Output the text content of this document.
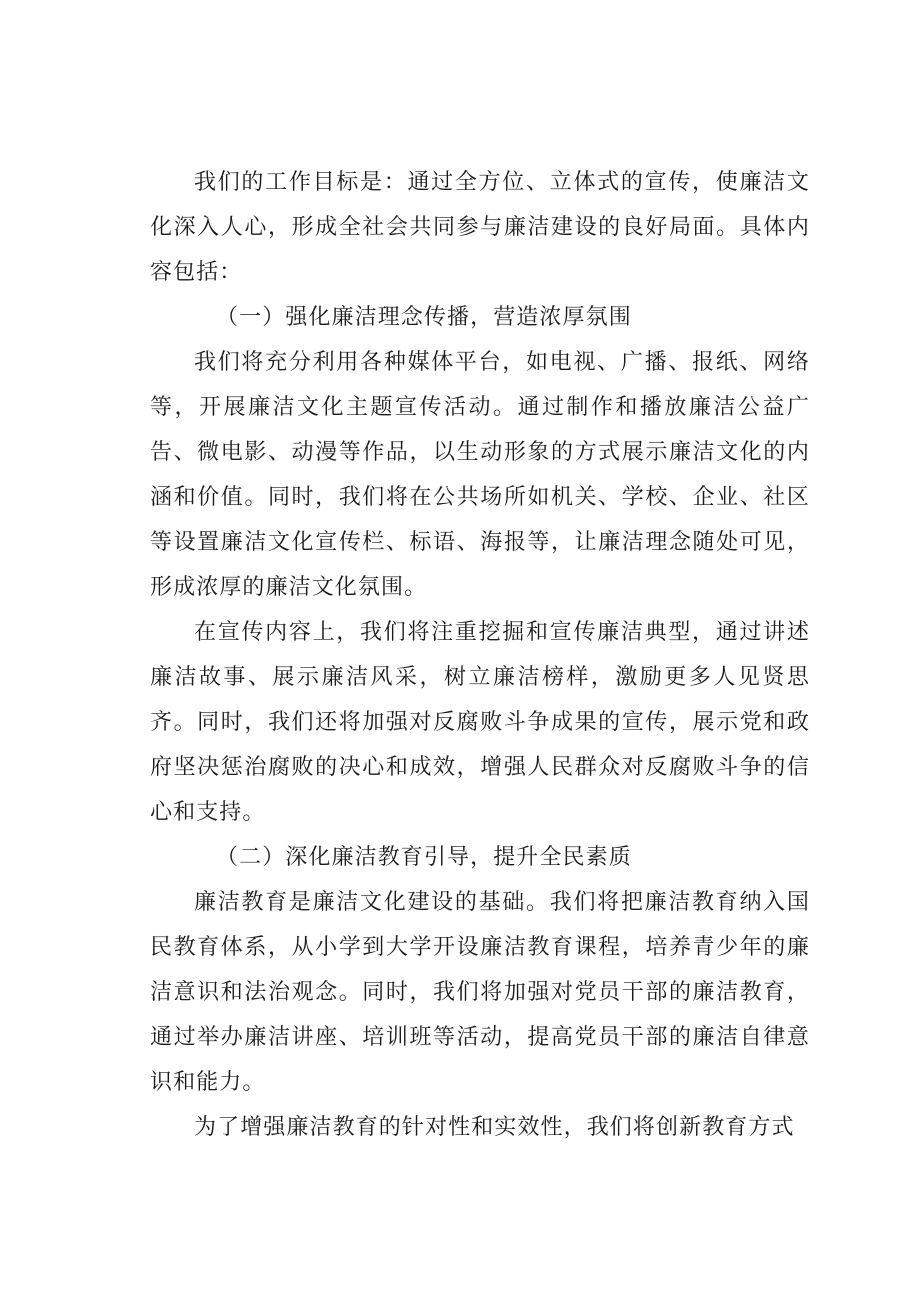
我们的工作目标是：通过全方位、立体式的宣传，使廉洁文化深入人心，形成全社会共同参与廉洁建设的良好局面。具体内容包括：

（一）强化廉洁理念传播，营造浓厚氛围

我们将充分利用各种媒体平台，如电视、广播、报纸、网络等，开展廉洁文化主题宣传活动。通过制作和播放廉洁公益广告、微电影、动漫等作品，以生动形象的方式展示廉洁文化的内涵和价值。同时，我们将在公共场所如机关、学校、企业、社区等设置廉洁文化宣传栏、标语、海报等，让廉洁理念随处可见，形成浓厚的廉洁文化氛围。

在宣传内容上，我们将注重挖掘和宣传廉洁典型，通过讲述廉洁故事、展示廉洁风采，树立廉洁榜样，激励更多人见贤思齐。同时，我们还将加强对反腐败斗争成果的宣传，展示党和政府坚决惩治腐败的决心和成效，增强人民群众对反腐败斗争的信心和支持。

（二）深化廉洁教育引导，提升全民素质

廉洁教育是廉洁文化建设的基础。我们将把廉洁教育纳入国民教育体系，从小学到大学开设廉洁教育课程，培养青少年的廉洁意识和法治观念。同时，我们将加强对党员干部的廉洁教育，通过举办廉洁讲座、培训班等活动，提高党员干部的廉洁自律意识和能力。

为了增强廉洁教育的针对性和实效性，我们将创新教育方式
